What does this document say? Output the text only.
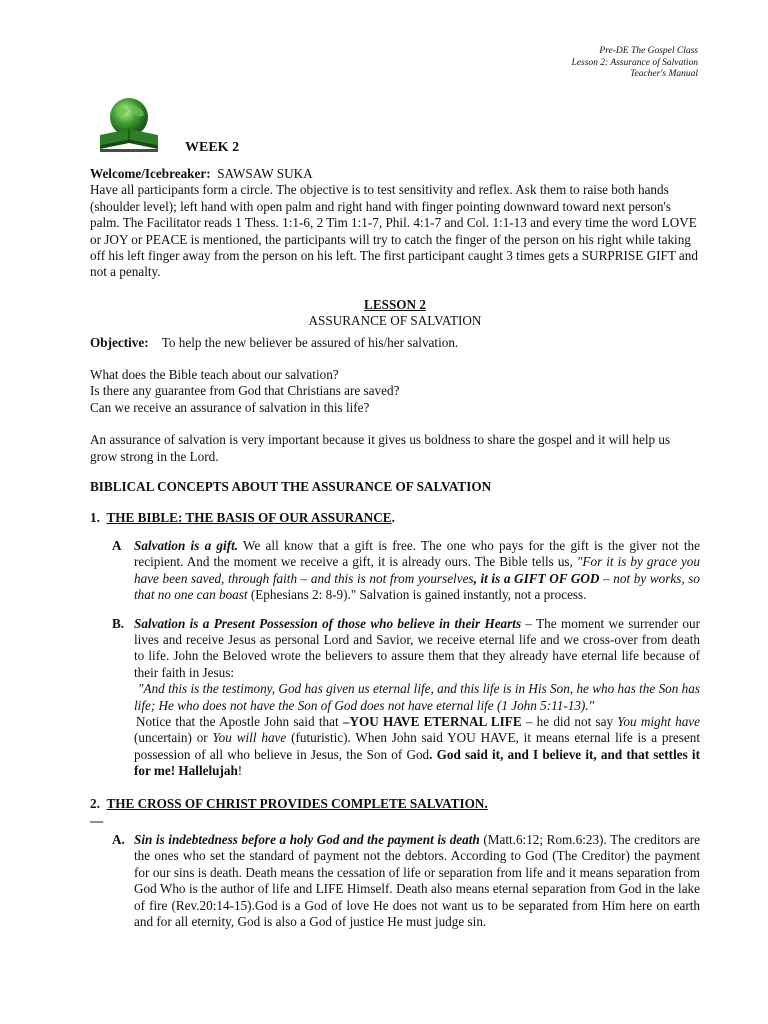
Pre-DE The Gospel Class
Lesson 2: Assurance of Salvation
Teacher's Manual
WEEK 2

Welcome/Icebreaker: SAWSAW SUKA

Have all participants form a circle. The objective is to test sensitivity and reflex. Ask them to raise both hands (shoulder level); left hand with open palm and right hand with finger pointing downward toward next person's palm. The Facilitator reads 1 Thess. 1:1-6, 2 Tim 1:1-7, Phil. 4:1-7 and Col. 1:1-13 and every time the word LOVE or JOY or PEACE is mentioned, the participants will try to catch the finger of the person on his right while taking off his left finger away from the person on his left. The first participant caught 3 times gets a SURPRISE GIFT and not a penalty.

LESSON 2

ASSURANCE OF SALVATION

Objective: To help the new believer be assured of his/her salvation.

What does the Bible teach about our salvation?

Is there any guarantee from God that Christians are saved?

Can we receive an assurance of salvation in this life?

An assurance of salvation is very important because it gives us boldness to share the gospel and it will help us grow strong in the Lord.

BIBLICAL CONCEPTS ABOUT THE ASSURANCE OF SALVATION

1. THE BIBLE: THE BASIS OF OUR ASSURANCE.

A Salvation is a gift. We all know that a gift is free. The one who pays for the gift is the giver not the recipient. And the moment we receive a gift, it is already ours. The Bible tells us, "For it is by grace you have been saved, through faith – and this is not from yourselves, it is a GIFT OF GOD – not by works, so that no one can boast (Ephesians 2: 8-9)." Salvation is gained instantly, not a process.
B. Salvation is a Present Possession of those who believe in their Hearts – The moment we surrender our lives and receive Jesus as personal Lord and Savior, we receive eternal life and we cross-over from death to life. John the Beloved wrote the believers to assure them that they already have eternal life because of their faith in Jesus:

"And this is the testimony, God has given us eternal life, and this life is in His Son, he who has the Son has life; He who does not have the Son of God does not have eternal life (1 John 5:11-13)."

Notice that the Apostle John said that –YOU HAVE ETERNAL LIFE – he did not say You might have (uncertain) or You will have (futuristic). When John said YOU HAVE, it means eternal life is a present possession of all who believe in Jesus, the Son of God. God said it, and I believe it, and that settles it for me! Hallelujah!

2. THE CROSS OF CHRIST PROVIDES COMPLETE SALVATION.

—

A. Sin is indebtedness before a holy God and the payment is death (Matt.6:12; Rom.6:23). The creditors are the ones who set the standard of payment not the debtors. According to God (The Creditor) the payment for our sins is death. Death means the cessation of life or separation from life and it means separation from God Who is the author of life and LIFE Himself. Death also means eternal separation from God in the lake of fire (Rev.20:14-15).God is a God of love He does not want us to be separated from Him here on earth and for all eternity, God is also a God of justice He must judge sin.
